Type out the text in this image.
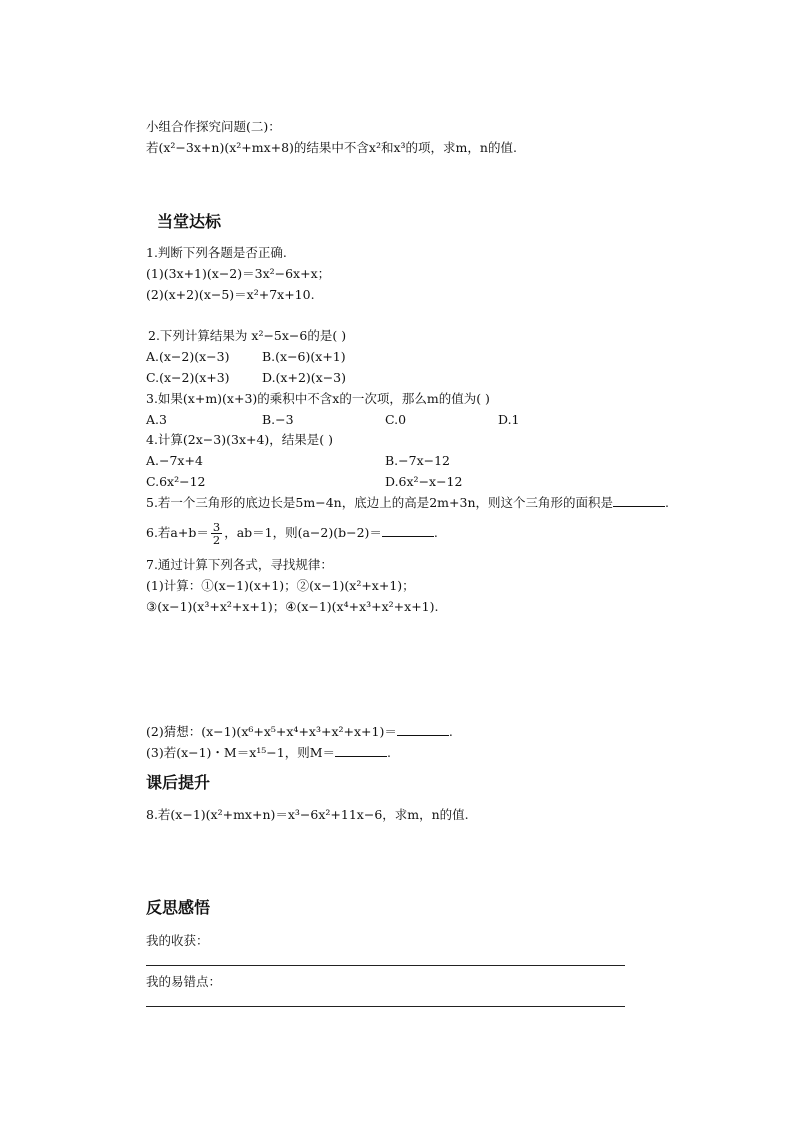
小组合作探究问题(二)：
若(x²−3x+n)(x²+mx+8)的结果中不含x²和x³的项，求m，n的值.
当堂达标
1.判断下列各题是否正确.
(1)(3x+1)(x−2)＝3x²−6x+x；
(2)(x+2)(x−5)＝x²+7x+10.
2.下列计算结果为 x²−5x−6的是( )
A.(x−2)(x−3)	B.(x−6)(x+1)
C.(x−2)(x+3)	D.(x+2)(x−3)
3.如果(x+m)(x+3)的乘积中不含x的一次项，那么m的值为( )
A.3	B.−3	C.0	D.1
4.计算(2x−3)(3x+4)，结果是( )
A.−7x+4	B.−7x−12
C.6x²−12	D.6x²−x−12
5.若一个三角形的底边长是5m−4n，底边上的高是2m+3n，则这个三角形的面积是	.
6.若$a+b= \frac{3}{2}$ ，ab＝1，则(a−2)(b−2)＝	.
7.通过计算下列各式，寻找规律：
(1)计算：①(x−1)(x+1)；②(x−1)(x²+x+1)；
③(x−1)(x³+x²+x+1)；④(x−1)(x⁴+x³+x²+x+1).
(2)猜想：(x−1)(x⁶+x⁵+x⁴+x³+x²+x+1)＝	.
(3)若(x−1)・M＝x¹⁵−1，则M＝	.
课后提升
8.若(x−1)(x²+mx+n)＝x³−6x²+11x−6，求m，n的值.
反思感悟
我的收获：
我的易错点：
